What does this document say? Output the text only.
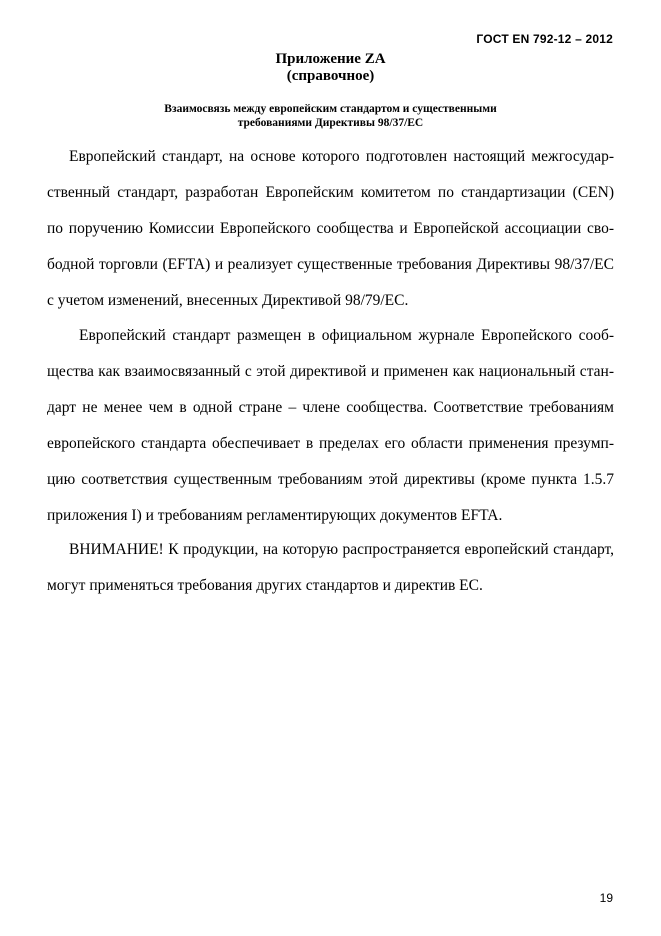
ГОСТ EN 792-12 – 2012
Приложение ZA
(справочное)
Взаимосвязь между европейским стандартом и существенными
требованиями Директивы 98/37/ЕС
Европейский стандарт, на основе которого подготовлен настоящий межгосудар-
ственный стандарт, разработан Европейским комитетом по стандартизации (CEN)
по поручению Комиссии Европейского сообщества и Европейской ассоциации сво-
бодной торговли (EFTA) и реализует существенные требования Директивы 98/37/EC
с учетом изменений, внесенных Директивой 98/79/EC.
Европейский стандарт размещен в официальном журнале Европейского сооб-
щества как взаимосвязанный с этой директивой и применен как национальный стан-
дарт не менее чем в одной стране – члене сообщества. Соответствие требованиям
европейского стандарта обеспечивает в пределах его области применения презумп-
цию соответствия существенным требованиям этой директивы (кроме пункта 1.5.7
приложения I) и требованиям регламентирующих документов EFTA.
ВНИМАНИЕ! К продукции, на которую распространяется европейский стандарт,
могут применяться требования других стандартов и директив ЕС.
19
